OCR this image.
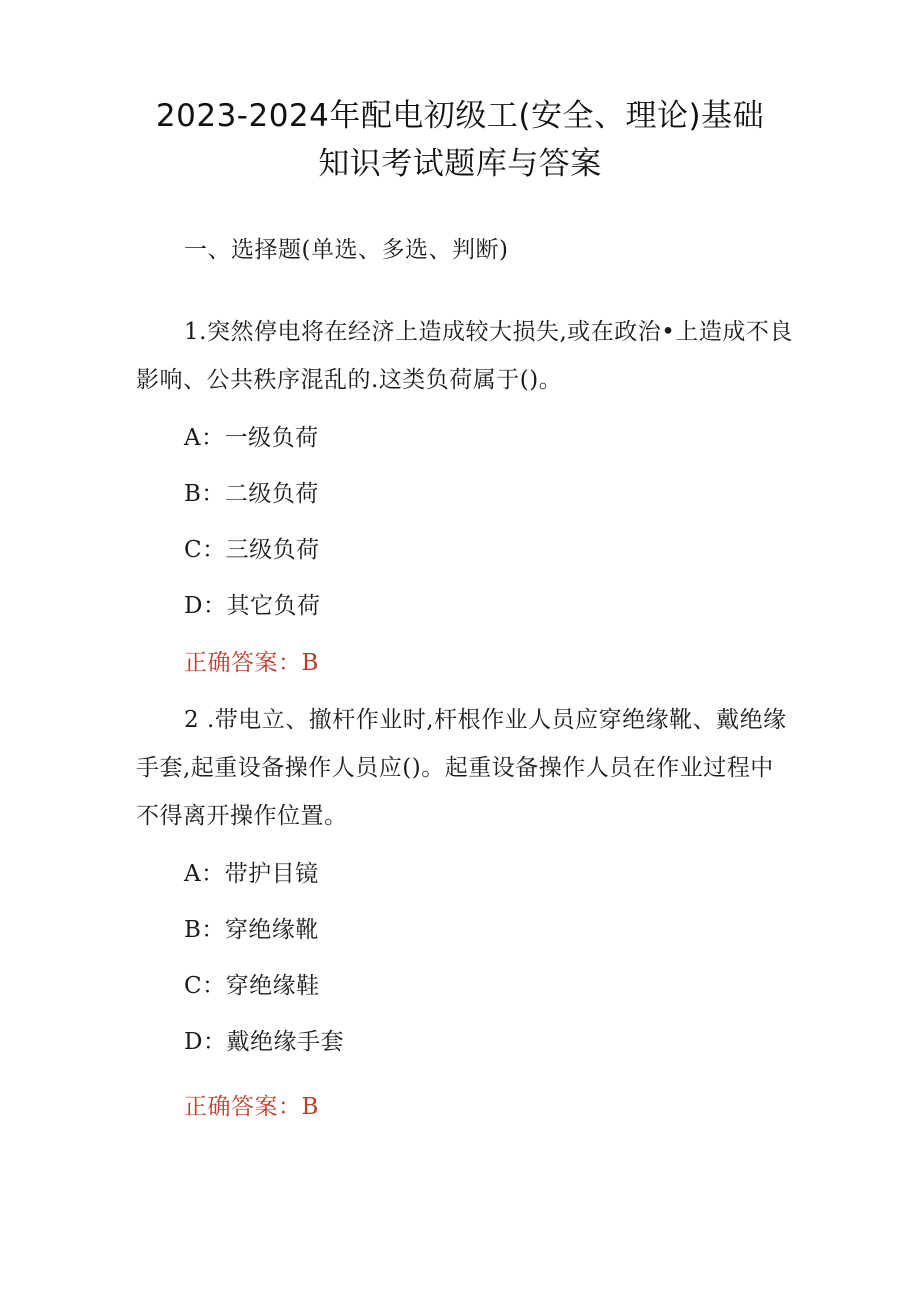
2023-2024年配电初级工(安全、理论)基础
知识考试题库与答案

一、选择题(单选、多选、判断)

1.突然停电将在经济上造成较大损失,或在政治•上造成不良影响、公共秩序混乱的.这类负荷属于()。

A：一级负荷

B：二级负荷

C：三级负荷

D：其它负荷

正确答案：B

2 .带电立、撤杆作业时,杆根作业人员应穿绝缘靴、戴绝缘手套,起重设备操作人员应()。起重设备操作人员在作业过程中不得离开操作位置。

A：带护目镜

B：穿绝缘靴

C：穿绝缘鞋

D：戴绝缘手套

正确答案：B
